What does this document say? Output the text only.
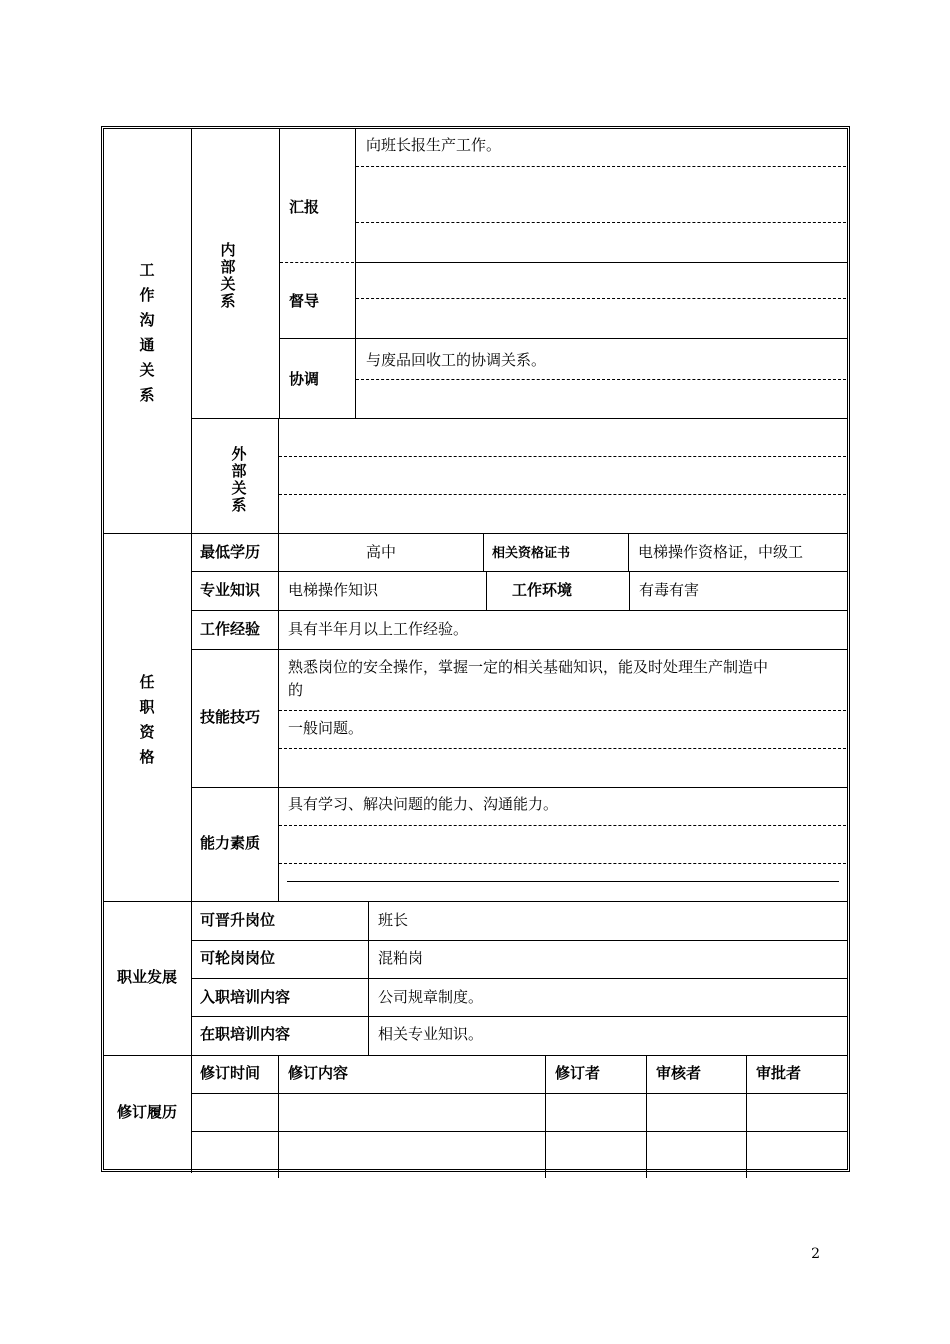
工
作
沟
通
关
系
内
部
关
系
汇报
向班长报生产工作。
督导
协调
与废品回收工的协调关系。
外
部
关
系
任
职
资
格
最低学历	高中	相关资格证书	电梯操作资格证，中级工
专业知识 电梯操作知识	工作环境	有毒有害
工作经验 具有半年月以上工作经验。
技能技巧
熟悉岗位的安全操作，掌握一定的相关基础知识，能及时处理生产制造中
的
一般问题。
能力素质
具有学习、解决问题的能力、沟通能力。
职业发展
可晋升岗位	班长
可轮岗岗位	混粕岗
入职培训内容	公司规章制度。
在职培训内容	相关专业知识。
修订履历
修订时间 修订内容	修订者	审核者	审批者
2
